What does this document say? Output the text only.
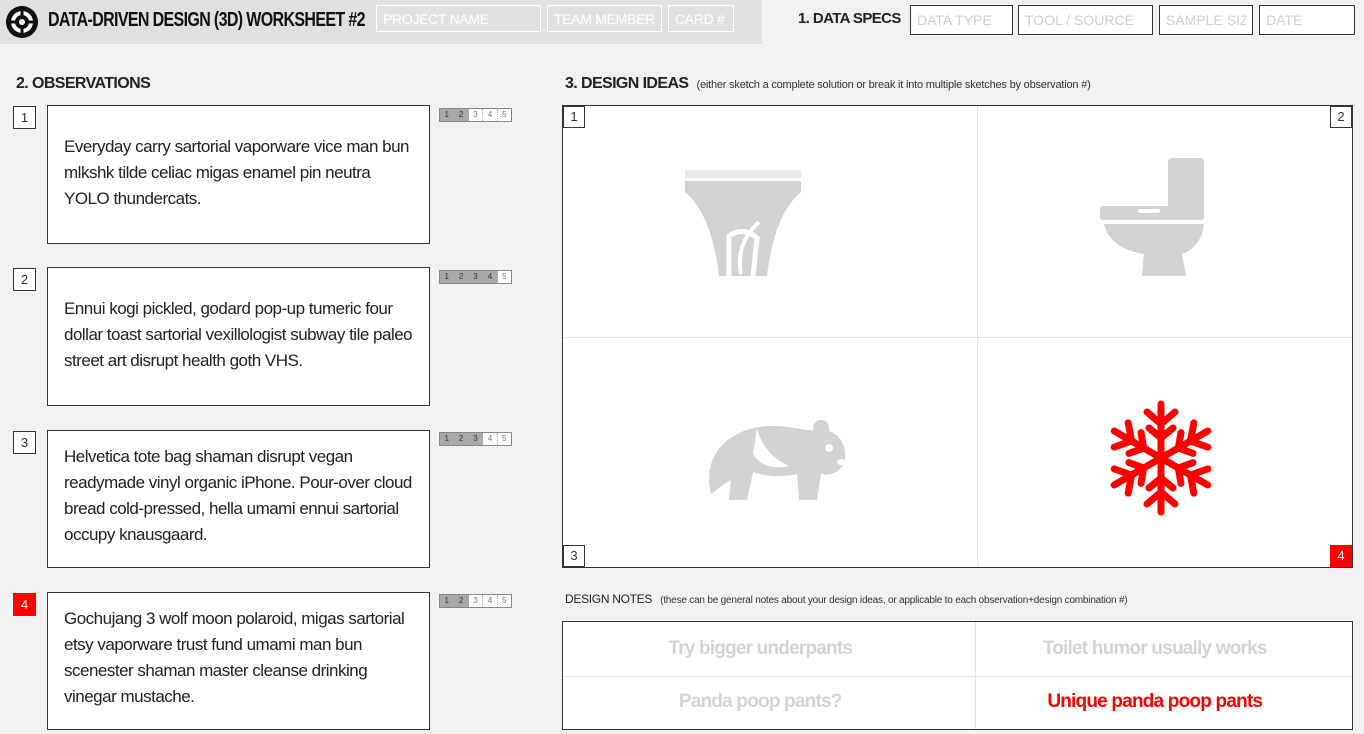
DATA-DRIVEN DESIGN (3D) WORKSHEET #2
PROJECT NAME
TEAM MEMBER
CARD #	1. DATA SPECS
DATA TYPE
TOOL / SOURCE
SAMPLE SIZE
DATE
2. OBSERVATIONS
1
Everyday carry sartorial vaporware vice man bun mlkshk tilde celiac migas enamel pin neutra YOLO thundercats.
1	2	3	4	5
2
Ennui kogi pickled, godard pop-up tumeric four dollar toast sartorial vexillologist subway tile paleo street art disrupt health goth VHS.
1	2	3	4	5
3
Helvetica tote bag shaman disrupt vegan readymade vinyl organic iPhone. Pour-over cloud bread cold-pressed, hella umami ennui sartorial occupy knausgaard.
1	2	3	4	5
4
Gochujang 3 wolf moon polaroid, migas sartorial etsy vaporware trust fund umami man bun scenester shaman master cleanse drinking vinegar mustache.
1	2	3	4	5
3. DESIGN IDEAS (either sketch a complete solution or break it into multiple sketches by observation #)
1	2
3	4
DESIGN NOTES (these can be general notes about your design ideas, or applicable to each observation+design combination #)
Try bigger underpants	Toilet humor usually works
Panda poop pants?	Unique panda poop pants
